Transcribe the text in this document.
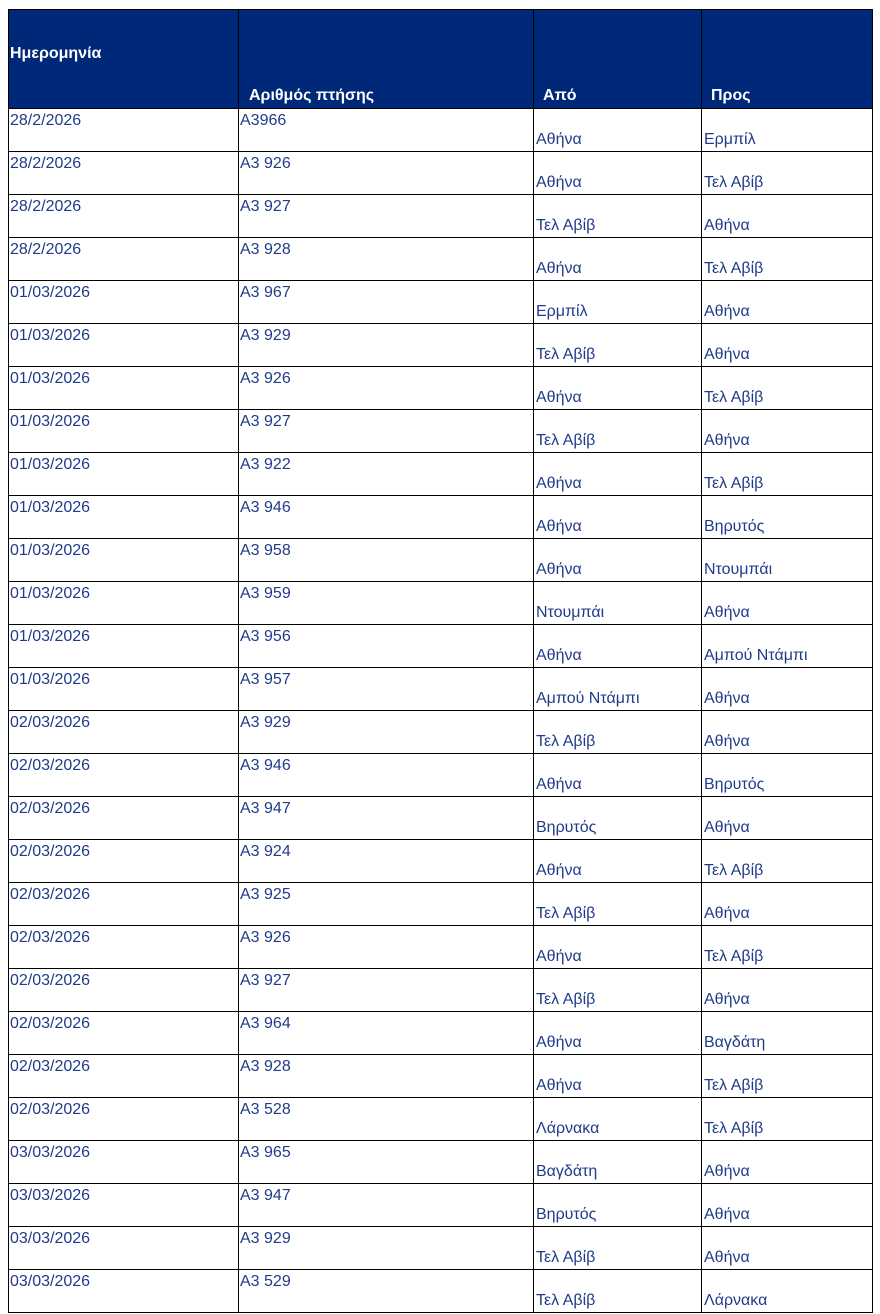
Ημερομηνία	Αριθμός πτήσης	Από	Προς

28/2/2026	A3966	Αθήνα	Ερμπίλ

28/2/2026	A3 926	Αθήνα	Τελ Αβίβ

28/2/2026	A3 927	Τελ Αβίβ	Αθήνα

28/2/2026	A3 928	Αθήνα	Τελ Αβίβ

01/03/2026	A3 967	Ερμπίλ	Αθήνα

01/03/2026	A3 929	Τελ Αβίβ	Αθήνα

01/03/2026	A3 926	Αθήνα	Τελ Αβίβ

01/03/2026	A3 927	Τελ Αβίβ	Αθήνα

01/03/2026	A3 922	Αθήνα	Τελ Αβίβ

01/03/2026	A3 946	Αθήνα	Βηρυτός

01/03/2026	A3 958	Αθήνα	Ντουμπάι

01/03/2026	A3 959	Ντουμπάι	Αθήνα

01/03/2026	A3 956	Αθήνα	Αμπού Ντάμπι

01/03/2026	A3 957	Αμπού Ντάμπι	Αθήνα

02/03/2026	A3 929	Τελ Αβίβ	Αθήνα

02/03/2026	A3 946	Αθήνα	Βηρυτός

02/03/2026	A3 947	Βηρυτός	Αθήνα

02/03/2026	A3 924	Αθήνα	Τελ Αβίβ

02/03/2026	A3 925	Τελ Αβίβ	Αθήνα

02/03/2026	A3 926	Αθήνα	Τελ Αβίβ

02/03/2026	A3 927	Τελ Αβίβ	Αθήνα

02/03/2026	A3 964	Αθήνα	Βαγδάτη

02/03/2026	A3 928	Αθήνα	Τελ Αβίβ

02/03/2026	A3 528	Λάρνακα	Τελ Αβίβ

03/03/2026	A3 965	Βαγδάτη	Αθήνα

03/03/2026	A3 947	Βηρυτός	Αθήνα

03/03/2026	A3 929	Τελ Αβίβ	Αθήνα

03/03/2026	A3 529	Τελ Αβίβ	Λάρνακα
